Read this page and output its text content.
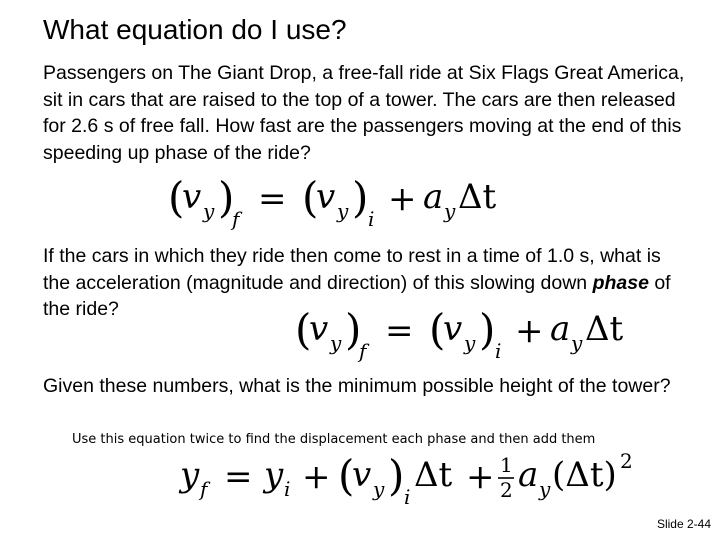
What equation do I use?
Passengers on The Giant Drop, a free-fall ride at Six Flags Great America, sit in cars that are raised to the top of a tower. The cars are then released for 2.6 s of free fall. How fast are the passengers moving at the end of this speeding up phase of the ride?
(
v y )
f = (
v y ) i + a y Δt
If the cars in which they ride then come to rest in a time of 1.0 s, what is the acceleration (magnitude and direction) of this slowing down phase of the ride?	(
v y )
f = (
v y ) i + a y Δt
Given these numbers, what is the minimum possible height of the tower?
Use this equation twice to find the displacement each phase and then add them
y f = y i + (
v y ) i
Δt + 1
2 a y (Δt) 2
Slide 2-44
